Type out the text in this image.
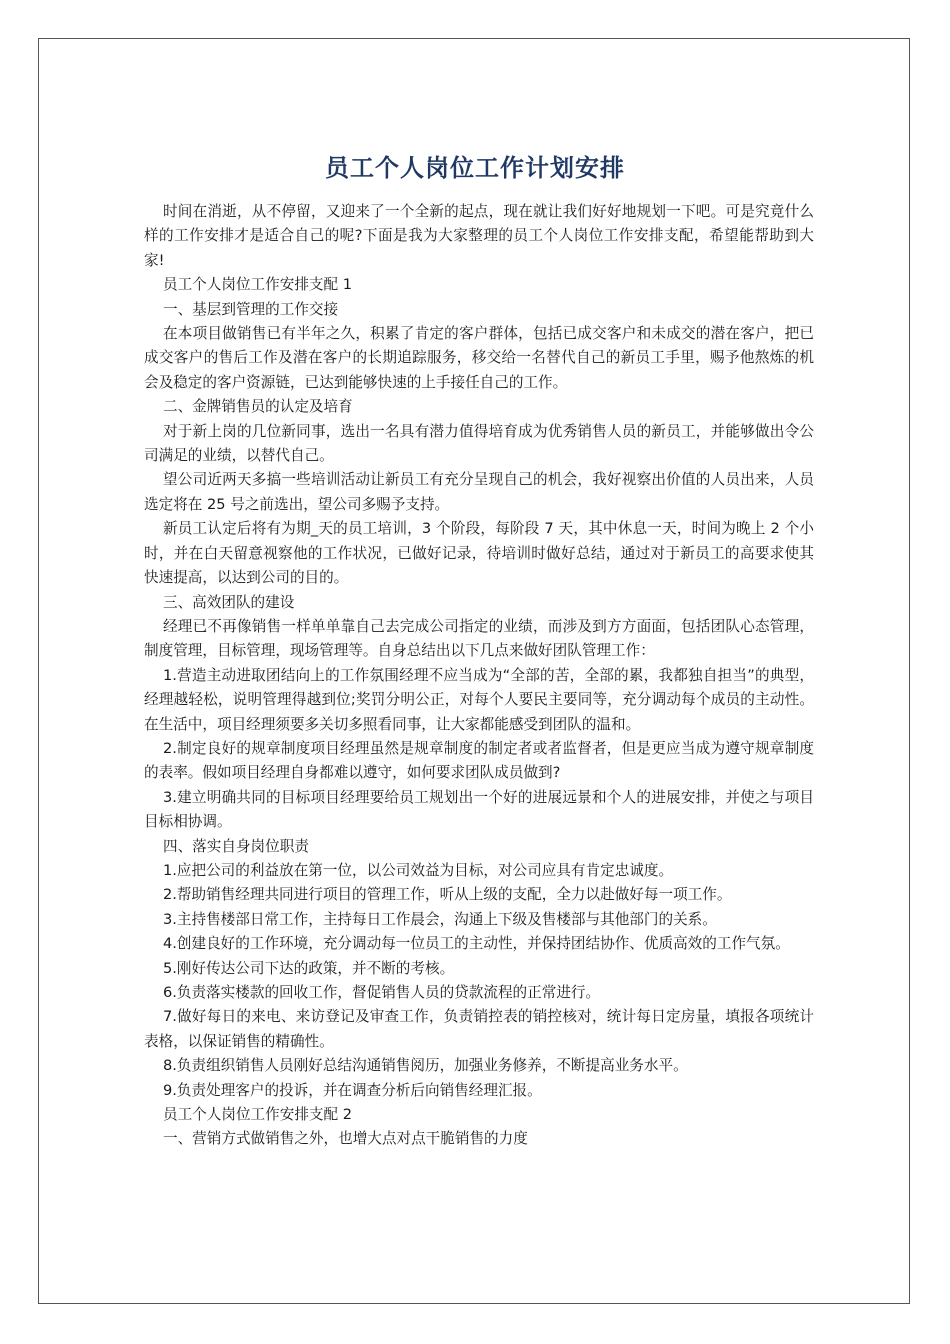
员工个人岗位工作计划安排

时间在消逝，从不停留，又迎来了一个全新的起点，现在就让我们好好地规划一下吧。可是究竟什么样的工作安排才是适合自己的呢?下面是我为大家整理的员工个人岗位工作安排支配，希望能帮助到大家!

员工个人岗位工作安排支配 1

一、基层到管理的工作交接

在本项目做销售已有半年之久，积累了肯定的客户群体，包括已成交客户和未成交的潜在客户，把已成交客户的售后工作及潜在客户的长期追踪服务，移交给一名替代自己的新员工手里，赐予他熬炼的机会及稳定的客户资源链，已达到能够快速的上手接任自己的工作。

二、金牌销售员的认定及培育

对于新上岗的几位新同事，选出一名具有潜力值得培育成为优秀销售人员的新员工，并能够做出令公司满足的业绩，以替代自己。

望公司近两天多搞一些培训活动让新员工有充分呈现自己的机会，我好视察出价值的人员出来，人员选定将在 25 号之前选出，望公司多赐予支持。

新员工认定后将有为期_天的员工培训，3 个阶段，每阶段 7 天，其中休息一天，时间为晚上 2 个小时，并在白天留意视察他的工作状况，已做好记录，待培训时做好总结，通过对于新员工的高要求使其快速提高，以达到公司的目的。

三、高效团队的建设

经理已不再像销售一样单单靠自己去完成公司指定的业绩，而涉及到方方面面，包括团队心态管理，制度管理，目标管理，现场管理等。自身总结出以下几点来做好团队管理工作：

1.营造主动进取团结向上的工作氛围经理不应当成为“全部的苦，全部的累，我都独自担当”的典型，经理越轻松，说明管理得越到位;奖罚分明公正，对每个人要民主要同等，充分调动每个成员的主动性。在生活中，项目经理须要多关切多照看同事，让大家都能感受到团队的温和。

2.制定良好的规章制度项目经理虽然是规章制度的制定者或者监督者，但是更应当成为遵守规章制度的表率。假如项目经理自身都难以遵守，如何要求团队成员做到?

3.建立明确共同的目标项目经理要给员工规划出一个好的进展远景和个人的进展安排，并使之与项目目标相协调。

四、落实自身岗位职责

1.应把公司的利益放在第一位，以公司效益为目标，对公司应具有肯定忠诚度。

2.帮助销售经理共同进行项目的管理工作，听从上级的支配，全力以赴做好每一项工作。

3.主持售楼部日常工作，主持每日工作晨会，沟通上下级及售楼部与其他部门的关系。

4.创建良好的工作环境，充分调动每一位员工的主动性，并保持团结协作、优质高效的工作气氛。

5.刚好传达公司下达的政策，并不断的考核。

6.负责落实楼款的回收工作，督促销售人员的贷款流程的正常进行。

7.做好每日的来电、来访登记及审查工作，负责销控表的销控核对，统计每日定房量，填报各项统计表格，以保证销售的精确性。

8.负责组织销售人员刚好总结沟通销售阅历，加强业务修养，不断提高业务水平。

9.负责处理客户的投诉，并在调查分析后向销售经理汇报。

员工个人岗位工作安排支配 2

一、营销方式做销售之外，也增大点对点干脆销售的力度
